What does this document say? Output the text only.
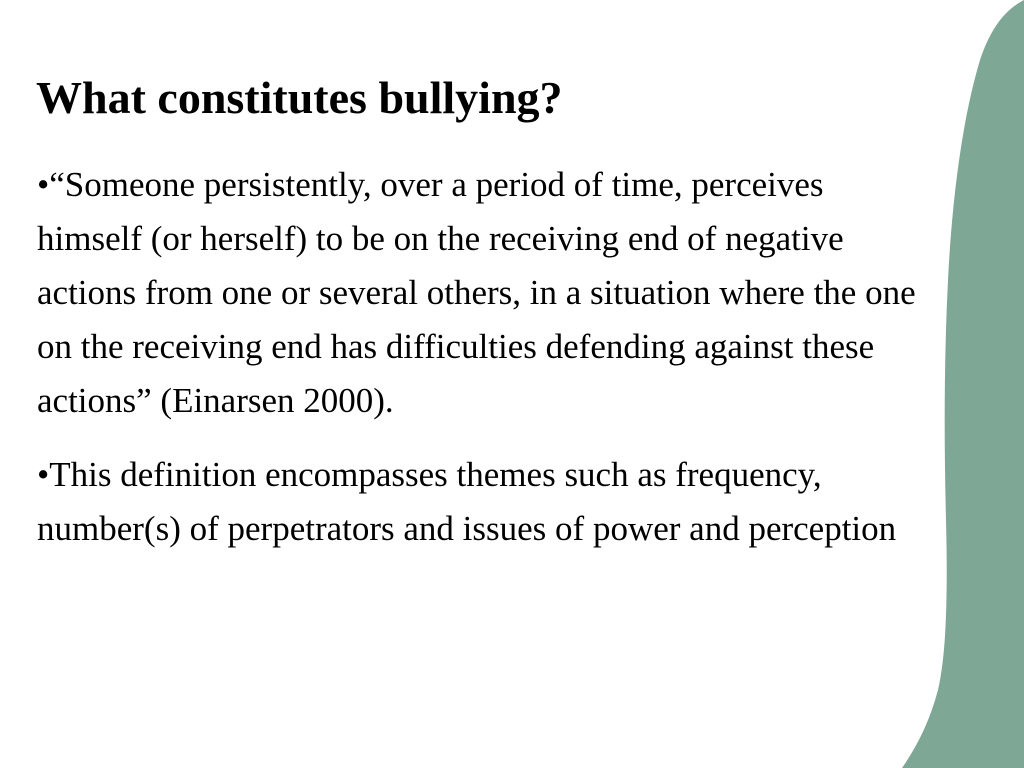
What constitutes bullying?

•“Someone persistently, over a period of time, perceives himself (or herself) to be on the receiving end of negative actions from one or several others, in a situation where the one on the receiving end has difficulties defending against these actions” (Einarsen 2000).

•This definition encompasses themes such as frequency, number(s) of perpetrators and issues of power and perception
